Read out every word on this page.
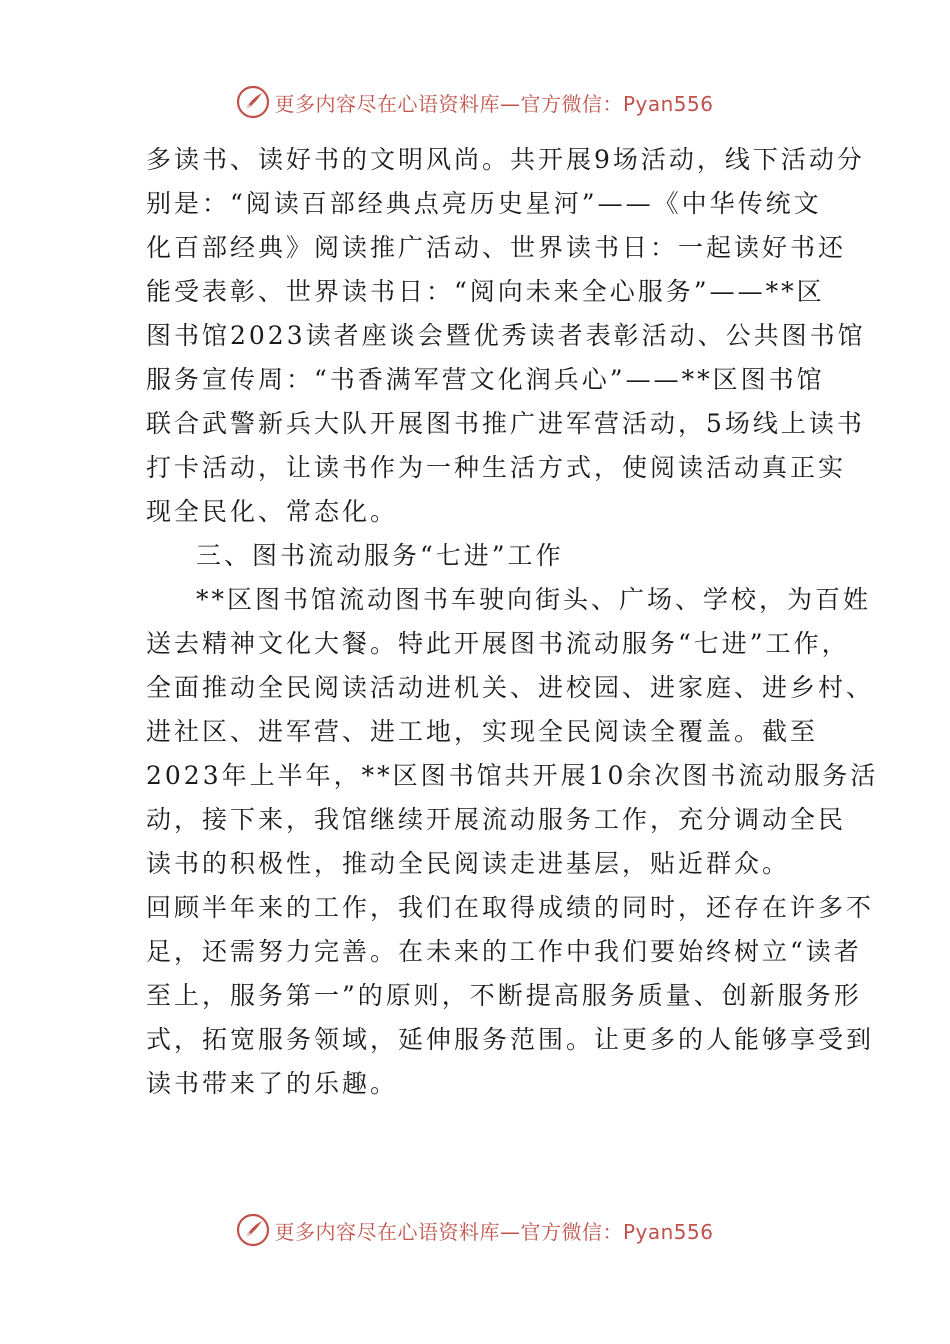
更多内容尽在心语资料库—官方微信：Pyan556
多读书、读好书的文明风尚。共开展9场活动，线下活动分
别是：“阅读百部经典点亮历史星河”——《中华传统文
化百部经典》阅读推广活动、世界读书日：一起读好书还
能受表彰、世界读书日：“阅向未来全心服务”——**区
图书馆2023读者座谈会暨优秀读者表彰活动、公共图书馆
服务宣传周：“书香满军营文化润兵心”——**区图书馆
联合武警新兵大队开展图书推广进军营活动，5场线上读书
打卡活动，让读书作为一种生活方式，使阅读活动真正实
现全民化、常态化。
三、图书流动服务“七进”工作
**区图书馆流动图书车驶向街头、广场、学校，为百姓
送去精神文化大餐。特此开展图书流动服务“七进”工作，
全面推动全民阅读活动进机关、进校园、进家庭、进乡村、
进社区、进军营、进工地，实现全民阅读全覆盖。截至
2023年上半年，**区图书馆共开展10余次图书流动服务活
动，接下来，我馆继续开展流动服务工作，充分调动全民
读书的积极性，推动全民阅读走进基层，贴近群众。
回顾半年来的工作，我们在取得成绩的同时，还存在许多不
足，还需努力完善。在未来的工作中我们要始终树立“读者
至上，服务第一”的原则，不断提高服务质量、创新服务形
式，拓宽服务领域，延伸服务范围。让更多的人能够享受到
读书带来了的乐趣。
更多内容尽在心语资料库—官方微信：Pyan556
